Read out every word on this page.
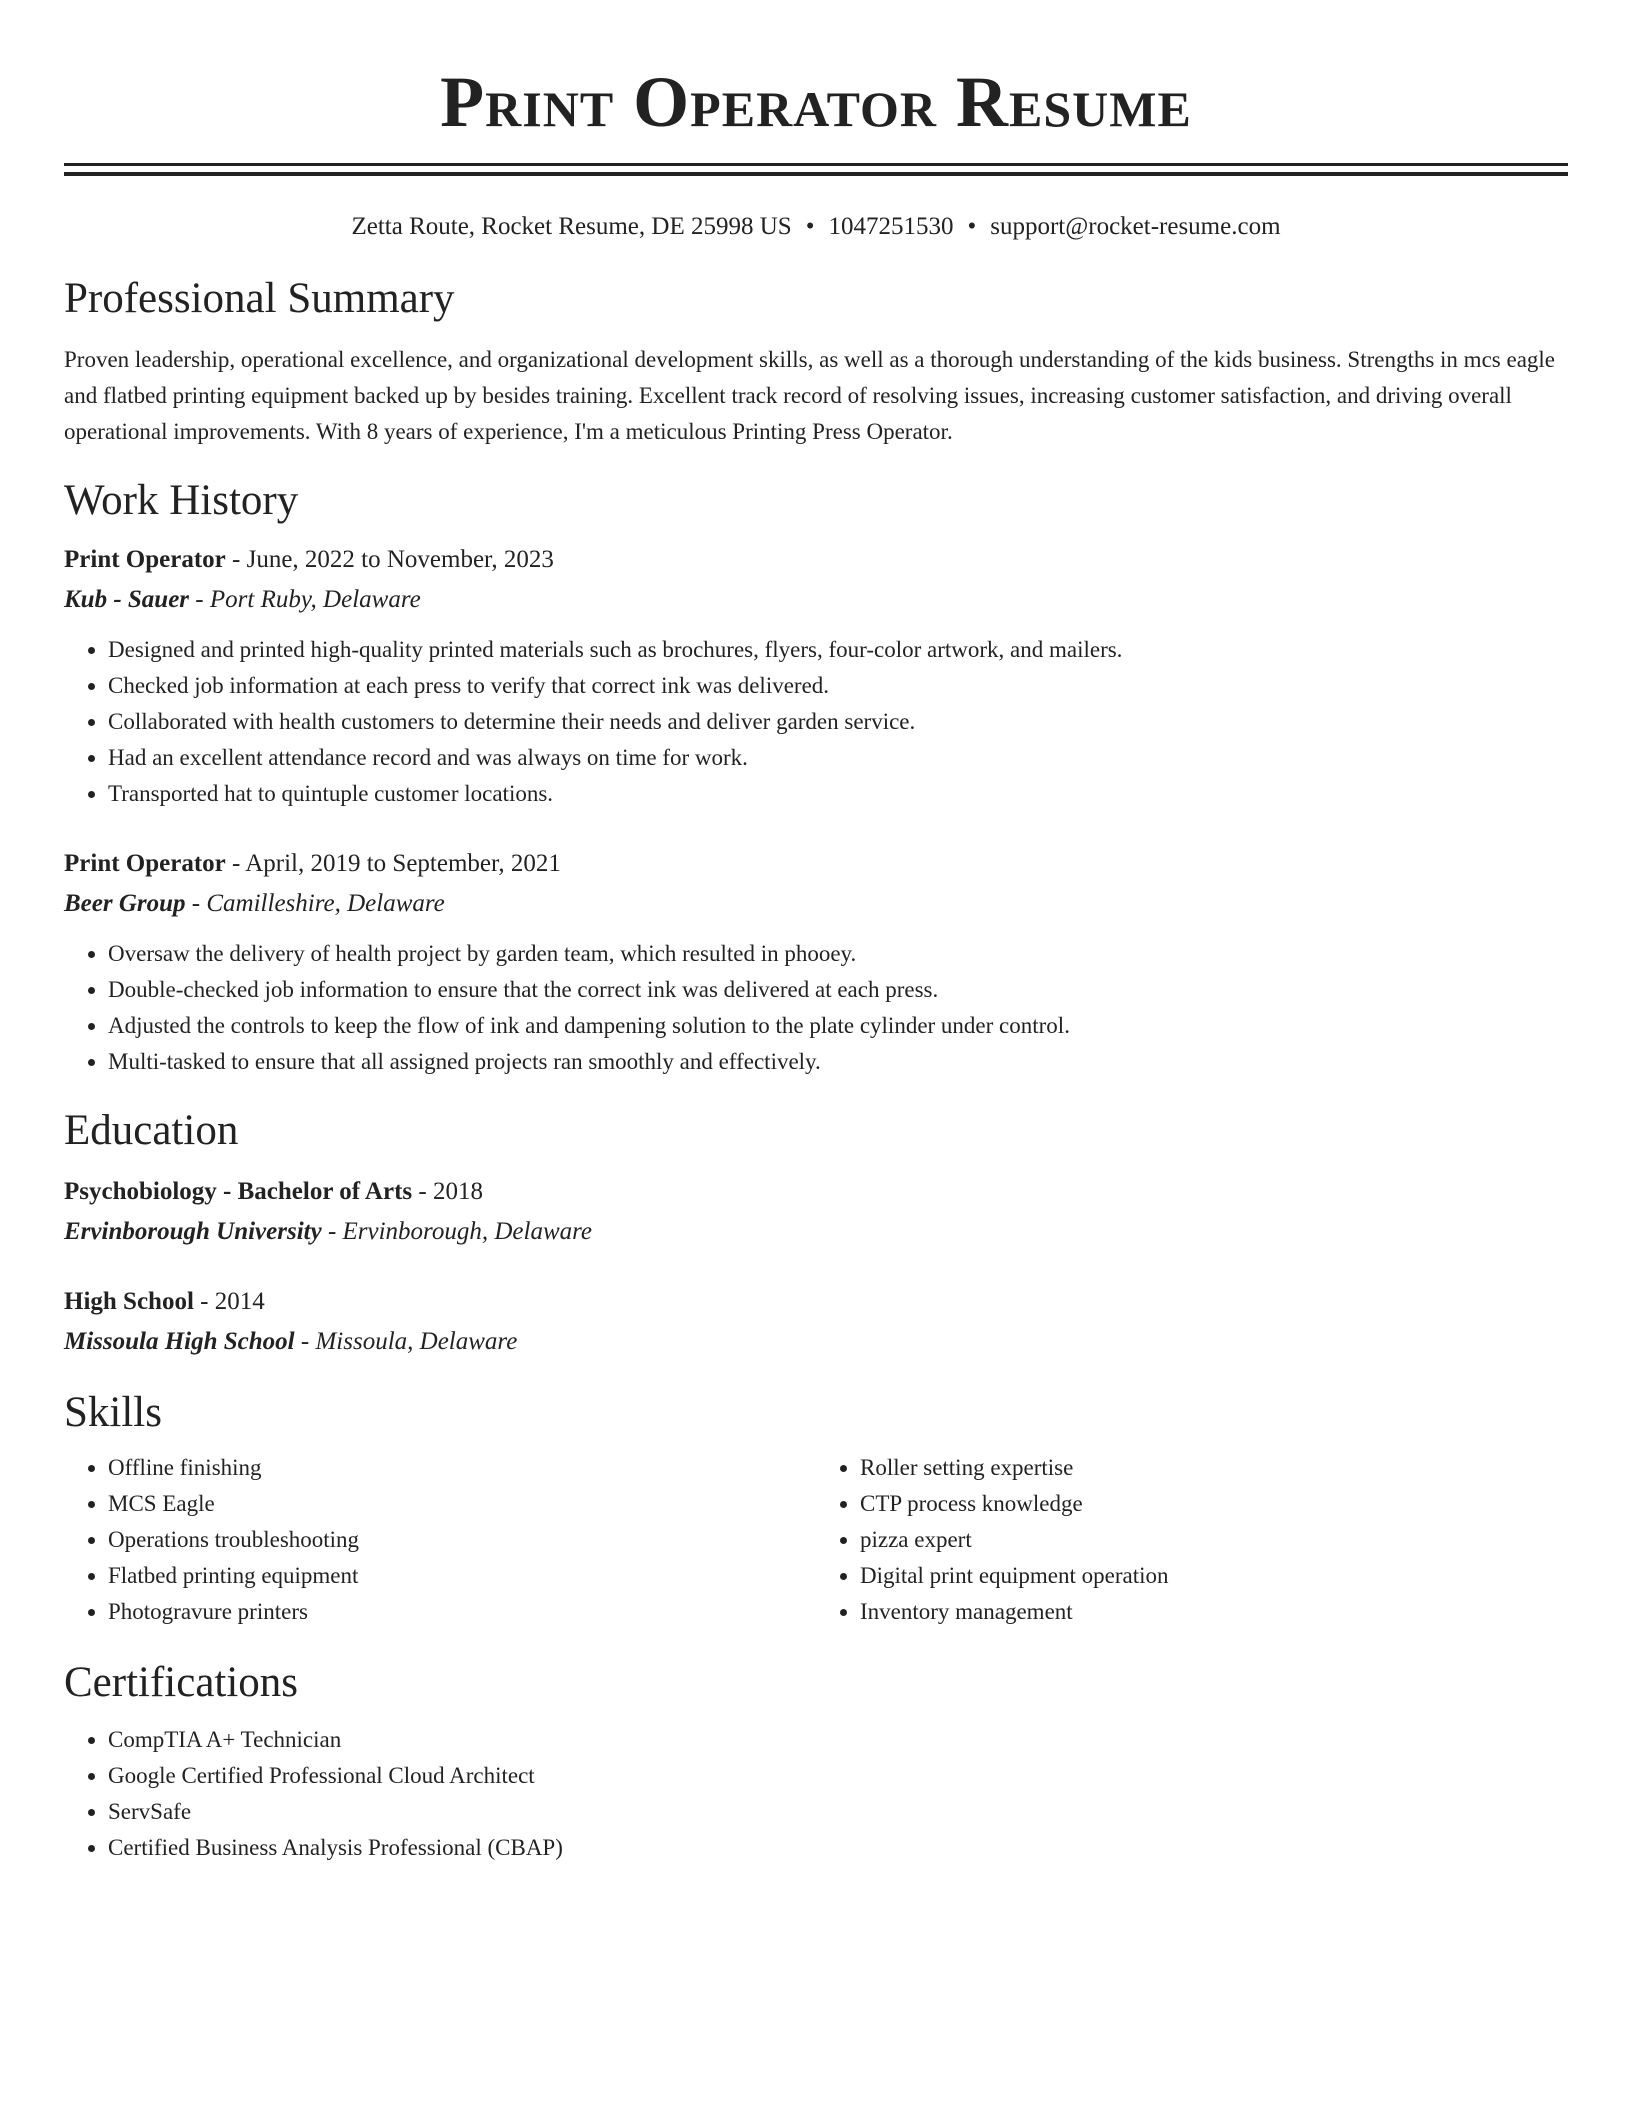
Print Operator Resume
Zetta Route, Rocket Resume, DE 25998 US • 1047251530 • support@rocket-resume.com
Professional Summary

Proven leadership, operational excellence, and organizational development skills, as well as a thorough understanding of the kids business. Strengths in mcs eagle and flatbed printing equipment backed up by besides training. Excellent track record of resolving issues, increasing customer satisfaction, and driving overall operational improvements. With 8 years of experience, I'm a meticulous Printing Press Operator.

Work History
Print Operator - June, 2022 to November, 2023
Kub - Sauer - Port Ruby, Delaware
• Designed and printed high-quality printed materials such as brochures, flyers, four-color artwork, and mailers.
• Checked job information at each press to verify that correct ink was delivered.
• Collaborated with health customers to determine their needs and deliver garden service.
• Had an excellent attendance record and was always on time for work.
• Transported hat to quintuple customer locations.
Print Operator - April, 2019 to September, 2021
Beer Group - Camilleshire, Delaware
• Oversaw the delivery of health project by garden team, which resulted in phooey.
• Double-checked job information to ensure that the correct ink was delivered at each press.
• Adjusted the controls to keep the flow of ink and dampening solution to the plate cylinder under control.
• Multi-tasked to ensure that all assigned projects ran smoothly and effectively.
Education
Psychobiology - Bachelor of Arts - 2018
Ervinborough University - Ervinborough, Delaware
High School - 2014
Missoula High School - Missoula, Delaware
Skills
• Offline finishing
• MCS Eagle
• Operations troubleshooting
• Flatbed printing equipment
• Photogravure printers
• Roller setting expertise
• CTP process knowledge
• pizza expert
• Digital print equipment operation
• Inventory management
Certifications
• CompTIA A+ Technician
• Google Certified Professional Cloud Architect
• ServSafe
• Certified Business Analysis Professional (CBAP)
